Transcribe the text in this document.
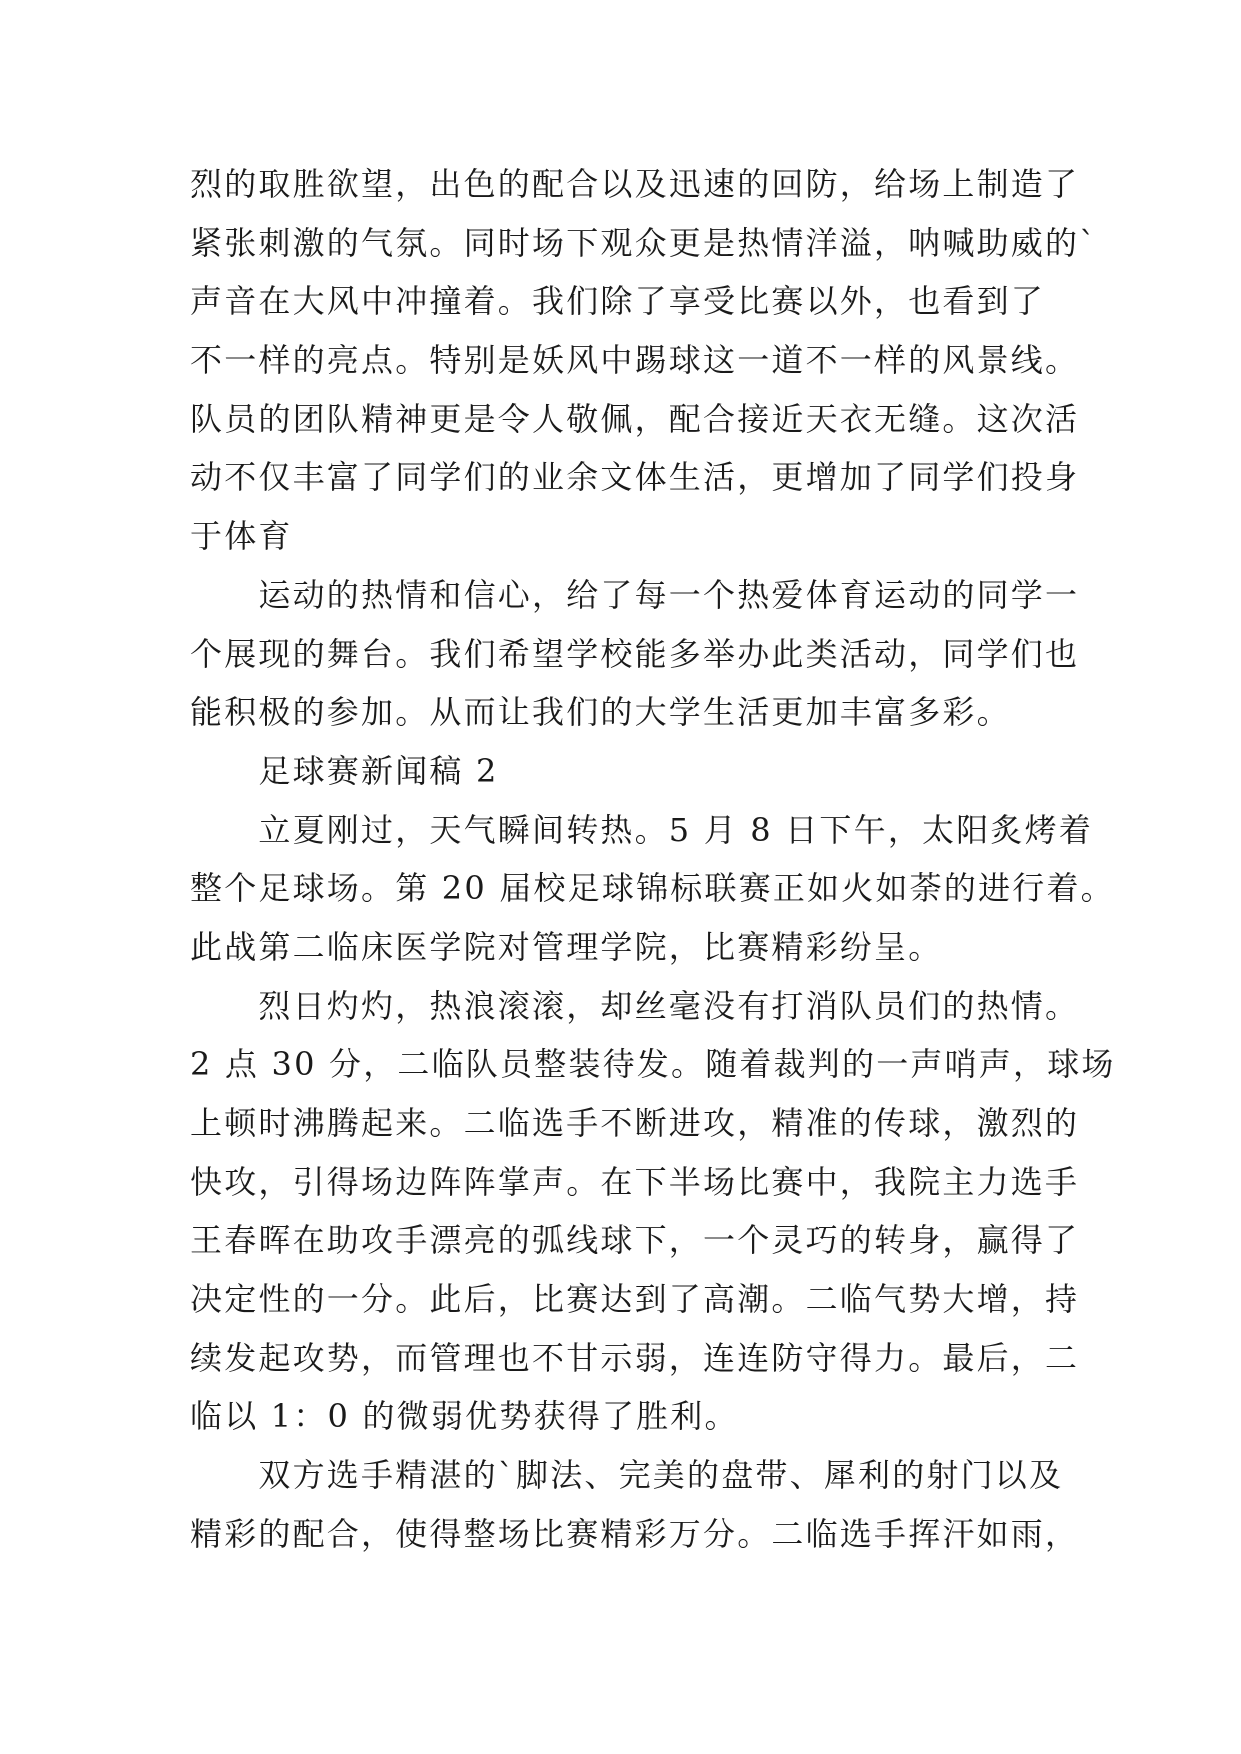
烈的取胜欲望，出色的配合以及迅速的回防，给场上制造了
紧张刺激的气氛。同时场下观众更是热情洋溢，呐喊助威的`
声音在大风中冲撞着。我们除了享受比赛以外，也看到了
不一样的亮点。特别是妖风中踢球这一道不一样的风景线。
队员的团队精神更是令人敬佩，配合接近天衣无缝。这次活
动不仅丰富了同学们的业余文体生活，更增加了同学们投身
于体育
　　运动的热情和信心，给了每一个热爱体育运动的同学一
个展现的舞台。我们希望学校能多举办此类活动，同学们也
能积极的参加。从而让我们的大学生活更加丰富多彩。
　　足球赛新闻稿 2
　　立夏刚过，天气瞬间转热。5 月 8 日下午，太阳炙烤着
整个足球场。第 20 届校足球锦标联赛正如火如荼的进行着。
此战第二临床医学院对管理学院，比赛精彩纷呈。
　　烈日灼灼，热浪滚滚，却丝毫没有打消队员们的热情。
2 点 30 分，二临队员整装待发。随着裁判的一声哨声，球场
上顿时沸腾起来。二临选手不断进攻，精准的传球，激烈的
快攻，引得场边阵阵掌声。在下半场比赛中，我院主力选手
王春晖在助攻手漂亮的弧线球下，一个灵巧的转身，赢得了
决定性的一分。此后，比赛达到了高潮。二临气势大增，持
续发起攻势，而管理也不甘示弱，连连防守得力。最后，二
临以 1：0 的微弱优势获得了胜利。
　　双方选手精湛的`脚法、完美的盘带、犀利的射门以及
精彩的配合，使得整场比赛精彩万分。二临选手挥汗如雨，
